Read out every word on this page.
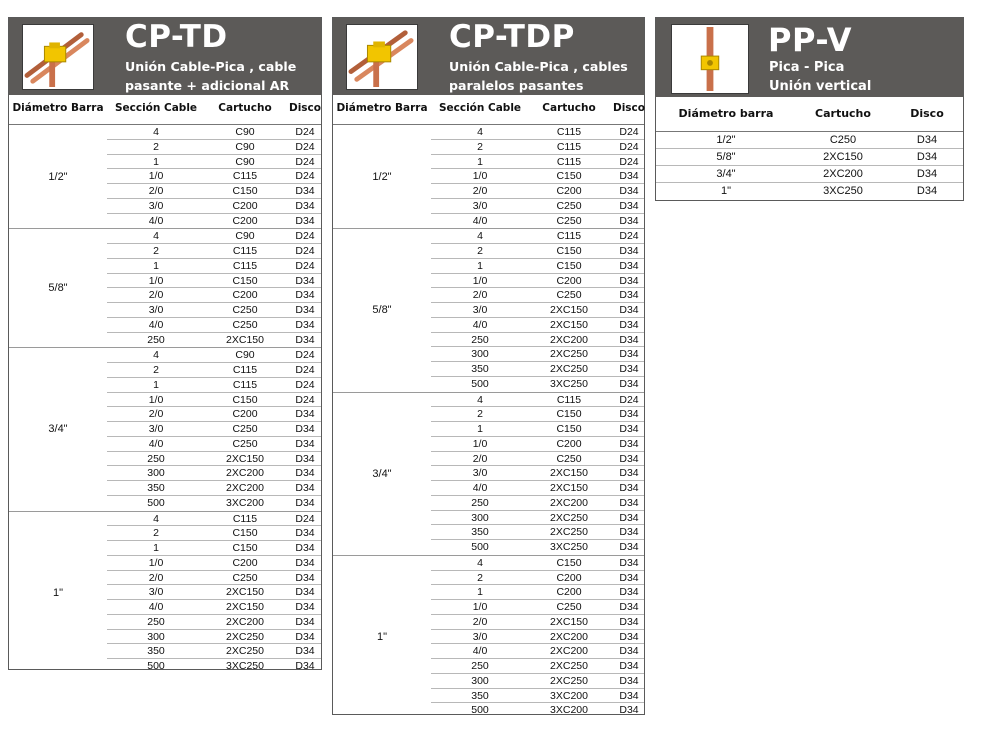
CP-TD
Unión Cable-Pica , cable
pasante + adicional AR
Diámetro Barra	Sección Cable	Cartucho	Disco
1/2"
4	C90	D24
2	C90	D24
1	C90	D24
1/0	C115	D24
2/0	C150	D34
3/0	C200	D34
4/0	C200	D34
5/8"
4	C90	D24
2	C115	D24
1	C115	D24
1/0	C150	D34
2/0	C200	D34
3/0	C250	D34
4/0	C250	D34
250	2XC150	D34
3/4"
4	C90	D24
2	C115	D24
1	C115	D24
1/0	C150	D24
2/0	C200	D34
3/0	C250	D34
4/0	C250	D34
250	2XC150	D34
300	2XC200	D34
350	2XC200	D34
500	3XC200	D34
1"
4	C115	D24
2	C150	D34
1	C150	D34
1/0	C200	D34
2/0	C250	D34
3/0	2XC150	D34
4/0	2XC150	D34
250	2XC200	D34
300	2XC250	D34
350	2XC250	D34
500	3XC250	D34
CP-TDP
Unión Cable-Pica , cables
paralelos pasantes
Diámetro Barra	Sección Cable	Cartucho	Disco
1/2"
4	C115	D24
2	C115	D24
1	C115	D24
1/0	C150	D34
2/0	C200	D34
3/0	C250	D34
4/0	C250	D34
5/8"
4	C115	D24
2	C150	D34
1	C150	D34
1/0	C200	D34
2/0	C250	D34
3/0	2XC150	D34
4/0	2XC150	D34
250	2XC200	D34
300	2XC250	D34
350	2XC250	D34
500	3XC250	D34
3/4"
4	C115	D24
2	C150	D34
1	C150	D34
1/0	C200	D34
2/0	C250	D34
3/0	2XC150	D34
4/0	2XC150	D34
250	2XC200	D34
300	2XC250	D34
350	2XC250	D34
500	3XC250	D34
1"
4	C150	D34
2	C200	D34
1	C200	D34
1/0	C250	D34
2/0	2XC150	D34
3/0	2XC200	D34
4/0	2XC200	D34
250	2XC250	D34
300	2XC250	D34
350	3XC200	D34
500	3XC200	D34
PP-V
Pica - Pica
Unión vertical
Diámetro barra	Cartucho	Disco
1/2"	C250	D34
5/8"	2XC150	D34
3/4"	2XC200	D34
1"	3XC250	D34
